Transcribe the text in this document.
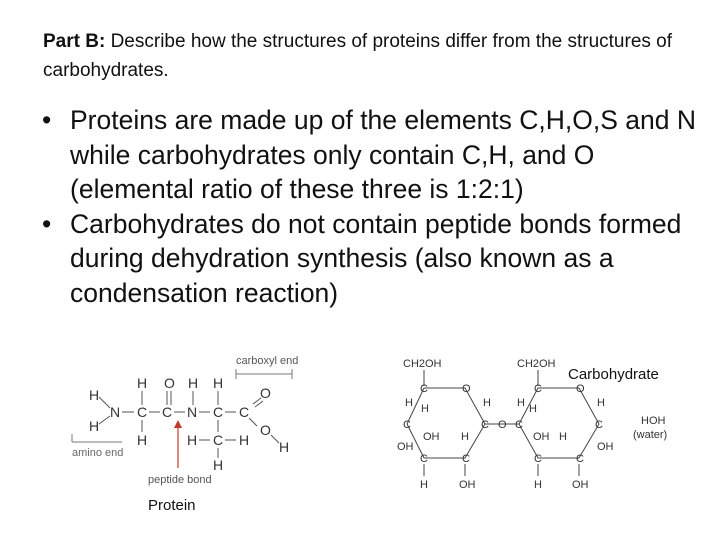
Part B: Describe how the structures of proteins differ from the structures of carbohydrates.
• Proteins are made up of the elements C,H,O,S and N while carbohydrates only contain C,H, and O (elemental ratio of these three is 1:2:1)
• Carbohydrates do not contain peptide bonds formed during dehydration synthesis (also known as a condensation reaction)
carboxyl end
H O H H
O
H
N C C N C C
O
H
H
H	H C H
H
amino end
peptide bond
Protein
CH2OH	CH2OH
C	O	C	O
C	C O C	C
C	C	C	C
H H	H H H	H
OH
OH H	OH H
OH
H	OH	H	OH
HOH
(water)
Carbohydrate
